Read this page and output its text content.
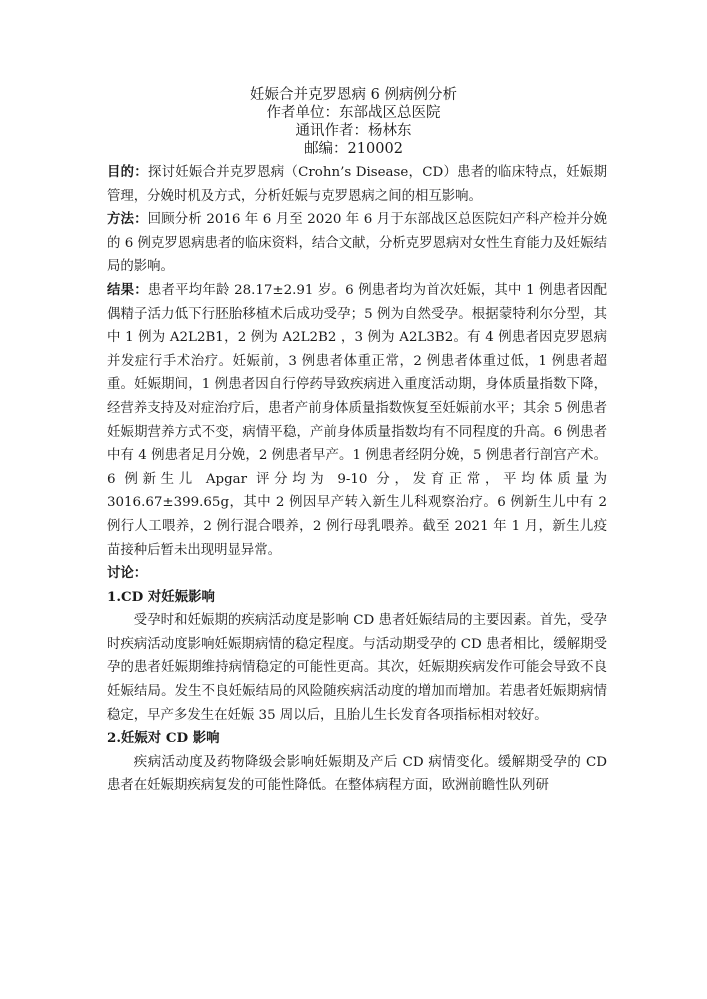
妊娠合并克罗恩病 6 例病例分析
作者单位：东部战区总医院
通讯作者：杨林东
邮编：210002

目的：探讨妊娠合并克罗恩病（Crohn’s Disease，CD）患者的临床特点，妊娠期管理，分娩时机及方式，分析妊娠与克罗恩病之间的相互影响。

方法：回顾分析 2016 年 6 月至 2020 年 6 月于东部战区总医院妇产科产检并分娩的 6 例克罗恩病患者的临床资料，结合文献，分析克罗恩病对女性生育能力及妊娠结局的影响。

结果：患者平均年龄 28.17±2.91 岁。6 例患者均为首次妊娠，其中 1 例患者因配偶精子活力低下行胚胎移植术后成功受孕；5 例为自然受孕。根据蒙特利尔分型，其中 1 例为 A2L2B1，2 例为 A2L2B2 ，3 例为 A2L3B2。有 4 例患者因克罗恩病并发症行手术治疗。妊娠前，3 例患者体重正常，2 例患者体重过低，1 例患者超重。妊娠期间，1 例患者因自行停药导致疾病进入重度活动期，身体质量指数下降，经营养支持及对症治疗后，患者产前身体质量指数恢复至妊娠前水平；其余 5 例患者妊娠期营养方式不变，病情平稳，产前身体质量指数均有不同程度的升高。6 例患者中有 4 例患者足月分娩，2 例患者早产。1 例患者经阴分娩，5 例患者行剖宫产术。6 例新生儿 Apgar 评分均为 9-10 分，发育正常，平均体质量为 3016.67±399.65g，其中 2 例因早产转入新生儿科观察治疗。6 例新生儿中有 2 例行人工喂养，2 例行混合喂养，2 例行母乳喂养。截至 2021 年 1 月，新生儿疫苗接种后暂未出现明显异常。

讨论：

1.CD 对妊娠影响

受孕时和妊娠期的疾病活动度是影响 CD 患者妊娠结局的主要因素。首先，受孕时疾病活动度影响妊娠期病情的稳定程度。与活动期受孕的 CD 患者相比，缓解期受孕的患者妊娠期维持病情稳定的可能性更高。其次，妊娠期疾病发作可能会导致不良妊娠结局。发生不良妊娠结局的风险随疾病活动度的增加而增加。若患者妊娠期病情稳定，早产多发生在妊娠 35 周以后，且胎儿生长发育各项指标相对较好。

2.妊娠对 CD 影响

疾病活动度及药物降级会影响妊娠期及产后 CD 病情变化。缓解期受孕的 CD 患者在妊娠期疾病复发的可能性降低。在整体病程方面，欧洲前瞻性队列研
